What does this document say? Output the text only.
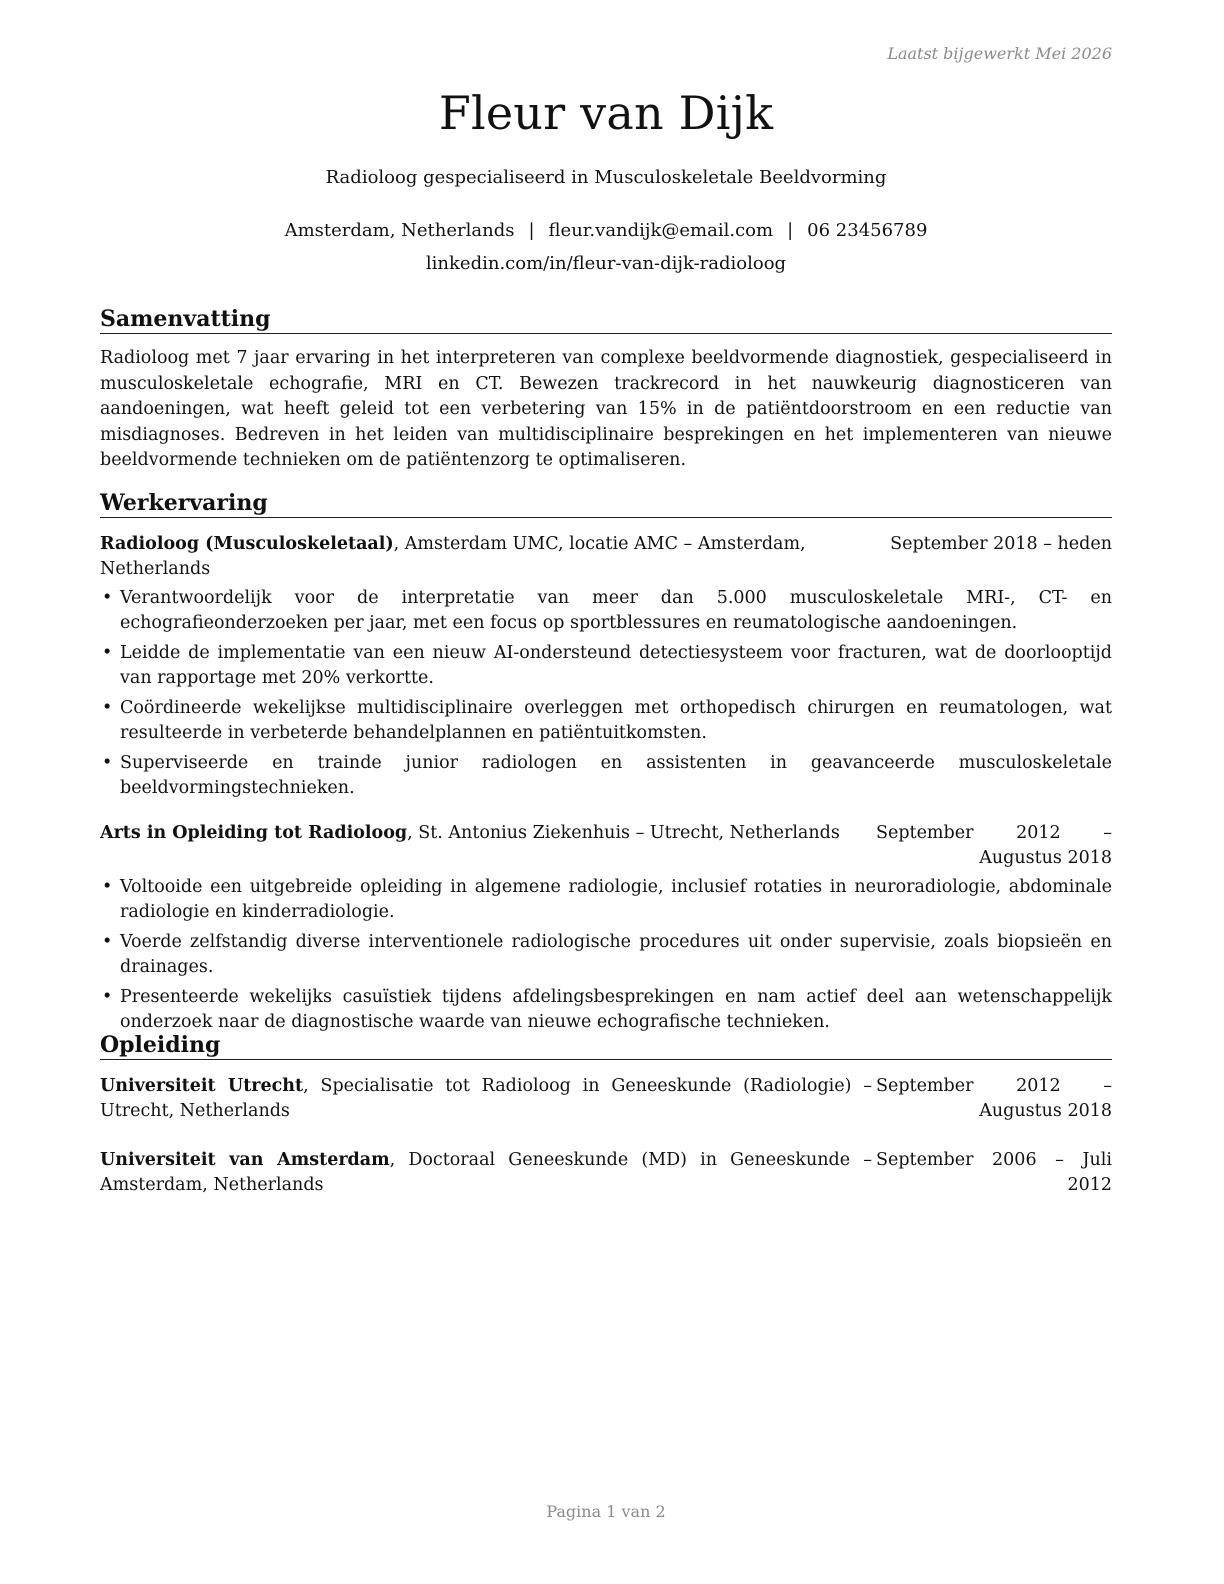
Laatst bijgewerkt Mei 2026
Fleur van Dijk
Radioloog gespecialiseerd in Musculoskeletale Beeldvorming
Amsterdam, Netherlands | fleur.vandijk@email.com | 06 23456789
linkedin.com/in/fleur-van-dijk-radioloog
Samenvatting
Radioloog met 7 jaar ervaring in het interpreteren van complexe beeldvormende diagnostiek, gespecialiseerd in musculoskeletale echografie, MRI en CT. Bewezen trackrecord in het nauwkeurig diagnosticeren van aandoeningen, wat heeft geleid tot een verbetering van 15% in de patiëntdoorstroom en een reductie van misdiagnoses. Bedreven in het leiden van multidisciplinaire besprekingen en het implementeren van nieuwe beeldvormende technieken om de patiëntenzorg te optimaliseren.
Werkervaring
Radioloog (Musculoskeletaal), Amsterdam UMC, locatie AMC – Amsterdam, Netherlands
September 2018 – heden
• Verantwoordelijk voor de interpretatie van meer dan 5.000 musculoskeletale MRI-, CT- en echografieonderzoeken per jaar, met een focus op sportblessures en reumatologische aandoeningen.
• Leidde de implementatie van een nieuw AI-ondersteund detectiesysteem voor fracturen, wat de doorlooptijd van rapportage met 20% verkortte.
• Coördineerde wekelijkse multidisciplinaire overleggen met orthopedisch chirurgen en reumatologen, wat resulteerde in verbeterde behandelplannen en patiëntuitkomsten.
• Superviseerde en trainde junior radiologen en assistenten in geavanceerde musculoskeletale beeldvormingstechnieken.
Arts in Opleiding tot Radioloog, St. Antonius Ziekenhuis – Utrecht, Netherlands	September 2012 – Augustus 2018
• Voltooide een uitgebreide opleiding in algemene radiologie, inclusief rotaties in neuroradiologie, abdominale radiologie en kinderradiologie.
• Voerde zelfstandig diverse interventionele radiologische procedures uit onder supervisie, zoals biopsieën en drainages.
• Presenteerde wekelijks casuïstiek tijdens afdelingsbesprekingen en nam actief deel aan wetenschappelijk onderzoek naar de diagnostische waarde van nieuwe echografische technieken.
Opleiding
Universiteit Utrecht, Specialisatie tot Radioloog in Geneeskunde (Radiologie) – Utrecht, Netherlands
September 2012 – Augustus 2018
Universiteit van Amsterdam, Doctoraal Geneeskunde (MD) in Geneeskunde – Amsterdam, Netherlands
September 2006 – Juli 2012
Pagina 1 van 2
